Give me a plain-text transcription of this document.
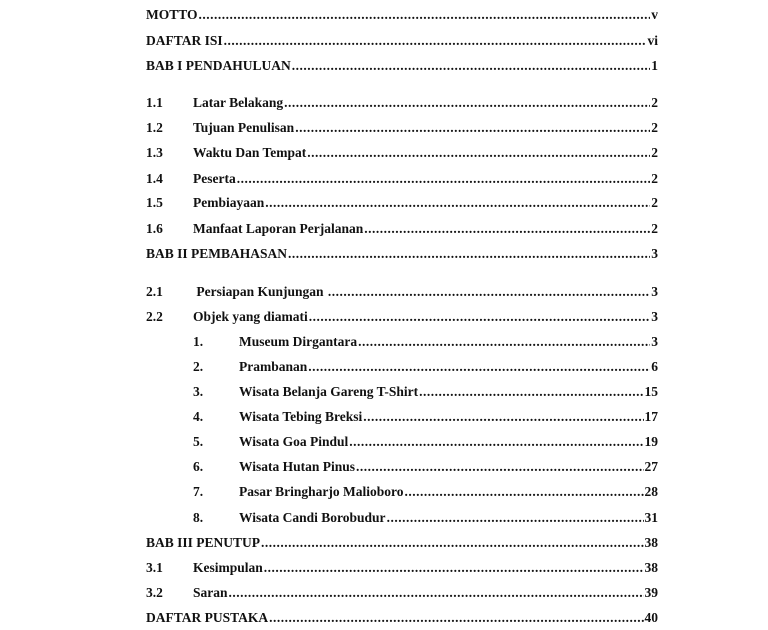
MOTTO .....	v
DAFTAR ISI .....	vi
BAB I PENDAHULUAN .....	1
1.1	Latar Belakang .....	2
1.2	Tujuan Penulisan .....	2
1.3	Waktu Dan Tempat .....	2
1.4	Peserta .....	2
1.5	Pembiayaan .....	2
1.6	Manfaat Laporan Perjalanan .....	2
BAB II PEMBAHASAN .....	3
2.1	Persiapan Kunjungan .....	3
2.2	Objek yang diamati .....	3
1.	Museum Dirgantara .....	3
2.	Prambanan .....	6
3.	Wisata Belanja Gareng T-Shirt .....	15
4.	Wisata Tebing Breksi .....	17
5.	Wisata Goa Pindul .....	19
6.	Wisata Hutan Pinus .....	27
7.	Pasar Bringharjo Malioboro .....	28
8.	Wisata Candi Borobudur .....	31
BAB III PENUTUP .....	38
3.1	Kesimpulan .....	38
3.2	Saran .....	39
DAFTAR PUSTAKA .....	40
